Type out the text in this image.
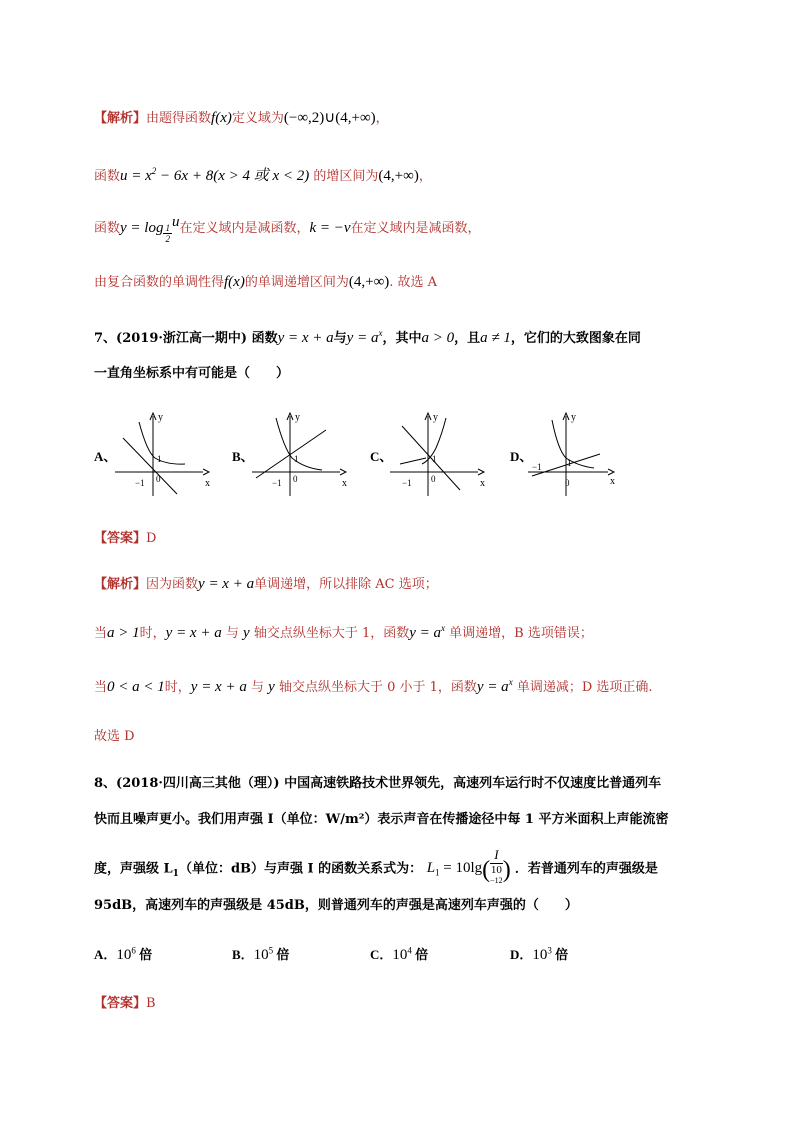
【解析】由题得函数f(x)定义域为(−∞,2)∪(4,+∞)，
函数$u = x^2 - 6x + 8(x > 4$ 或 x < 2) 的增区间为(4,+∞)，
函数$y = \log \frac{1}{2}$
u在定义域内是减函数，k = −v在定义域内是减函数，
由复合函数的单调性得f(x)的单调递增区间为(4,+∞). 故选 A
7、(2019·浙江高一期中) 函数y = x + a与$y = a^x$，其中a > 0，且a ≠ 1，它们的大致图象在同
一直角坐标系中有可能是（　　）
A、
y
x
−1 0
1	B、
y
x
−1 0
1	C、
y
x
−1 0
1	D、
y
x
−1
0
1
【答案】D
【解析】因为函数y = x + a单调递增，所以排除 AC 选项；
当a > 1时，y = x + a 与 y 轴交点纵坐标大于 1，函数$y = a^x$ 单调递增，B 选项错误；
当0 < a < 1时，y = x + a 与 y 轴交点纵坐标大于 0 小于 1，函数$y = a^x$ 单调递减；D 选项正确.
故选 D
8、(2018·四川高三其他（理）) 中国高速铁路技术世界领先，高速列车运行时不仅速度比普通列车
快而且噪声更小。我们用声强 I（单位：W/m²）表示声音在传播途径中每 1 平方米面积上声能流密
度，声强级 $L_1$（单位：dB）与声强 I 的函数关系式为： $L_1 = 10\lg$( I
10
$^{-12}$ ) ．若普通列车的声强级是
95dB，高速列车的声强级是 45dB，则普通列车的声强是高速列车声强的（　　）
A．$10^6$ 倍	B．$10^5$ 倍	C．$10^4$ 倍	D．$10^3$ 倍
【答案】B
